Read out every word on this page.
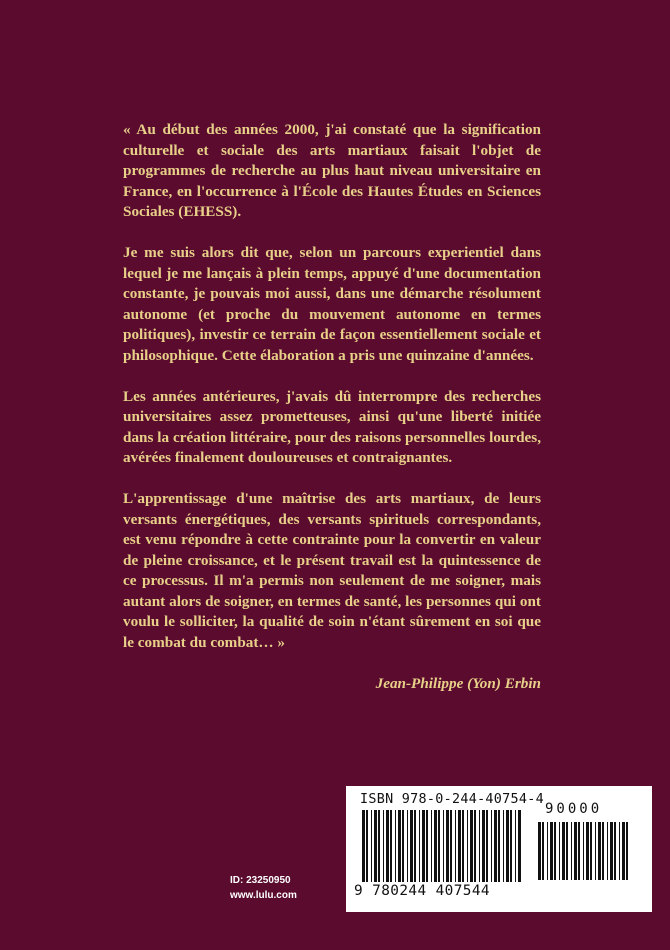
« Au début des années 2000, j'ai constaté que la signification culturelle et sociale des arts martiaux faisait l'objet de programmes de recherche au plus haut niveau universitaire en France, en l'occurrence à l'École des Hautes Études en Sciences Sociales (EHESS).

Je me suis alors dit que, selon un parcours experientiel dans lequel je me lançais à plein temps, appuyé d'une documentation constante, je pouvais moi aussi, dans une démarche résolument autonome (et proche du mouvement autonome en termes politiques), investir ce terrain de façon essentiellement sociale et philosophique. Cette élaboration a pris une quinzaine d'années.

Les années antérieures, j'avais dû interrompre des recherches universitaires assez prometteuses, ainsi qu'une liberté initiée dans la création littéraire, pour des raisons personnelles lourdes, avérées finalement douloureuses et contraignantes.

L'apprentissage d'une maîtrise des arts martiaux, de leurs versants énergétiques, des versants spirituels correspondants, est venu répondre à cette contrainte pour la convertir en valeur de pleine croissance, et le présent travail est la quintessence de ce processus. Il m'a permis non seulement de me soigner, mais autant alors de soigner, en termes de santé, les personnes qui ont voulu le solliciter, la qualité de soin n'étant sûrement en soi que le combat du combat… »

Jean-Philippe (Yon) Erbin
ID: 23250950
www.lulu.com
ISBN 978-0-244-40754-4
90000
9 780244 407544
